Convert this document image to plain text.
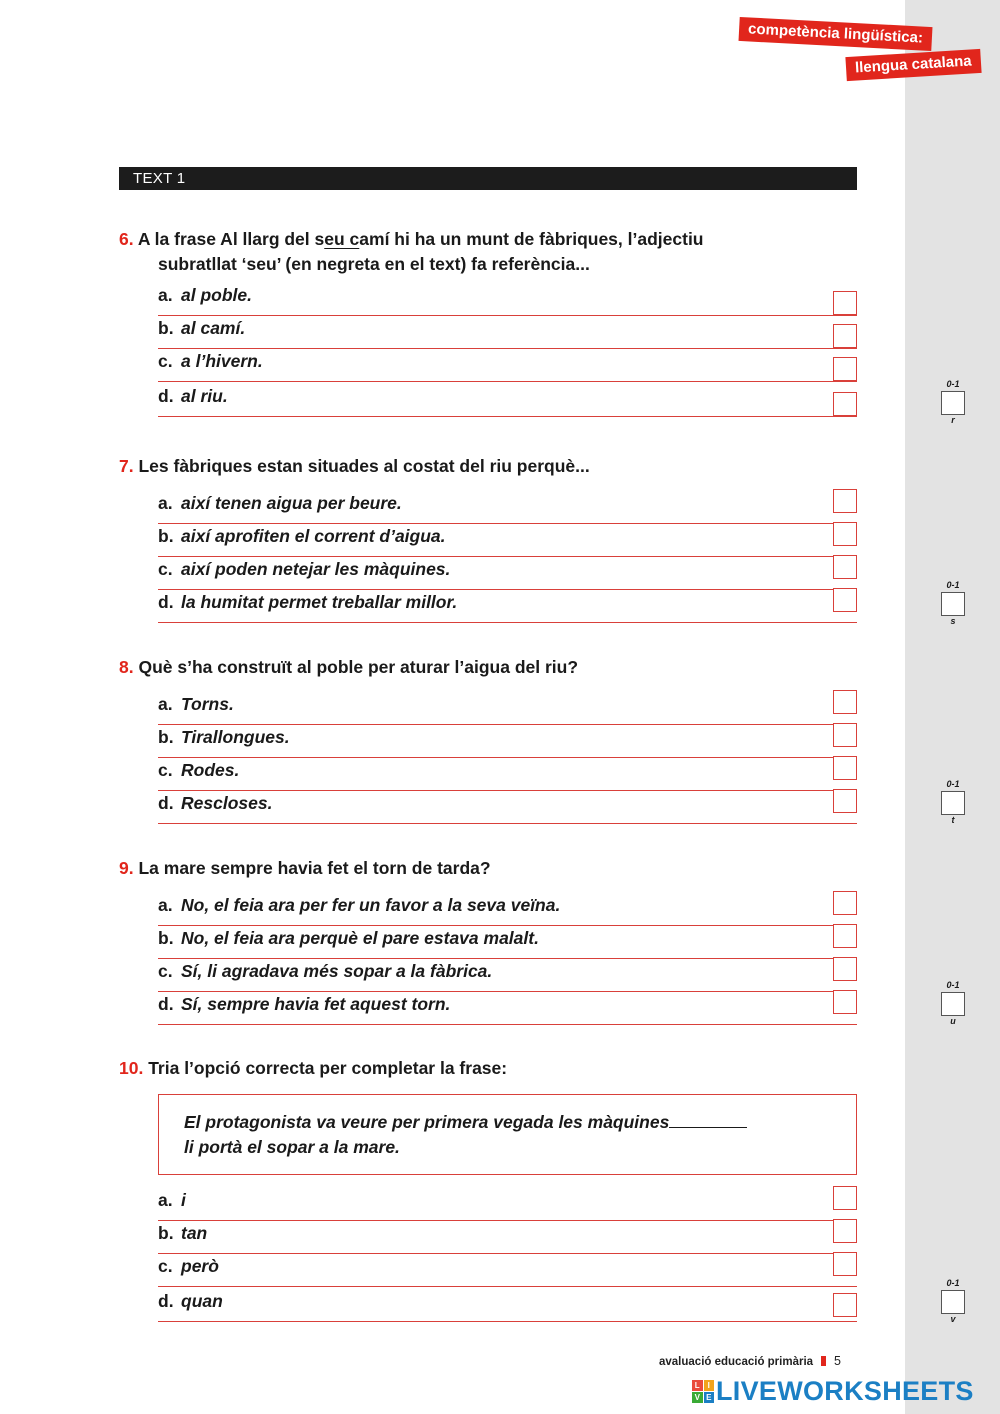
competència lingüística:
llengua catalana
TEXT 1
6. A la frase Al llarg del seu camí hi ha un munt de fàbriques, l’adjectiu
subratllat ‘seu’ (en negreta en el text) fa referència...
a. al poble.
b. al camí.
c. a l’hivern.
d. al riu.
0-1
r
7. Les fàbriques estan situades al costat del riu perquè...
a. així tenen aigua per beure.
b. així aprofiten el corrent d’aigua.
c. així poden netejar les màquines.
d. la humitat permet treballar millor.
0-1
s
8. Què s’ha construït al poble per aturar l’aigua del riu?
a. Torns.
b. Tirallongues.
c. Rodes.
d. Rescloses.
0-1
t
9. La mare sempre havia fet el torn de tarda?
a. No, el feia ara per fer un favor a la seva veïna.
b. No, el feia ara perquè el pare estava malalt.
c. Sí, li agradava més sopar a la fàbrica.
d. Sí, sempre havia fet aquest torn.
0-1
u
10. Tria l’opció correcta per completar la frase:
El protagonista va veure per primera vegada les màquines
li portà el sopar a la mare.
a. i
b. tan
c. però
d. quan
0-1
v
avaluació educació primària 5
L I
V E LIVEWORKSHEETS
